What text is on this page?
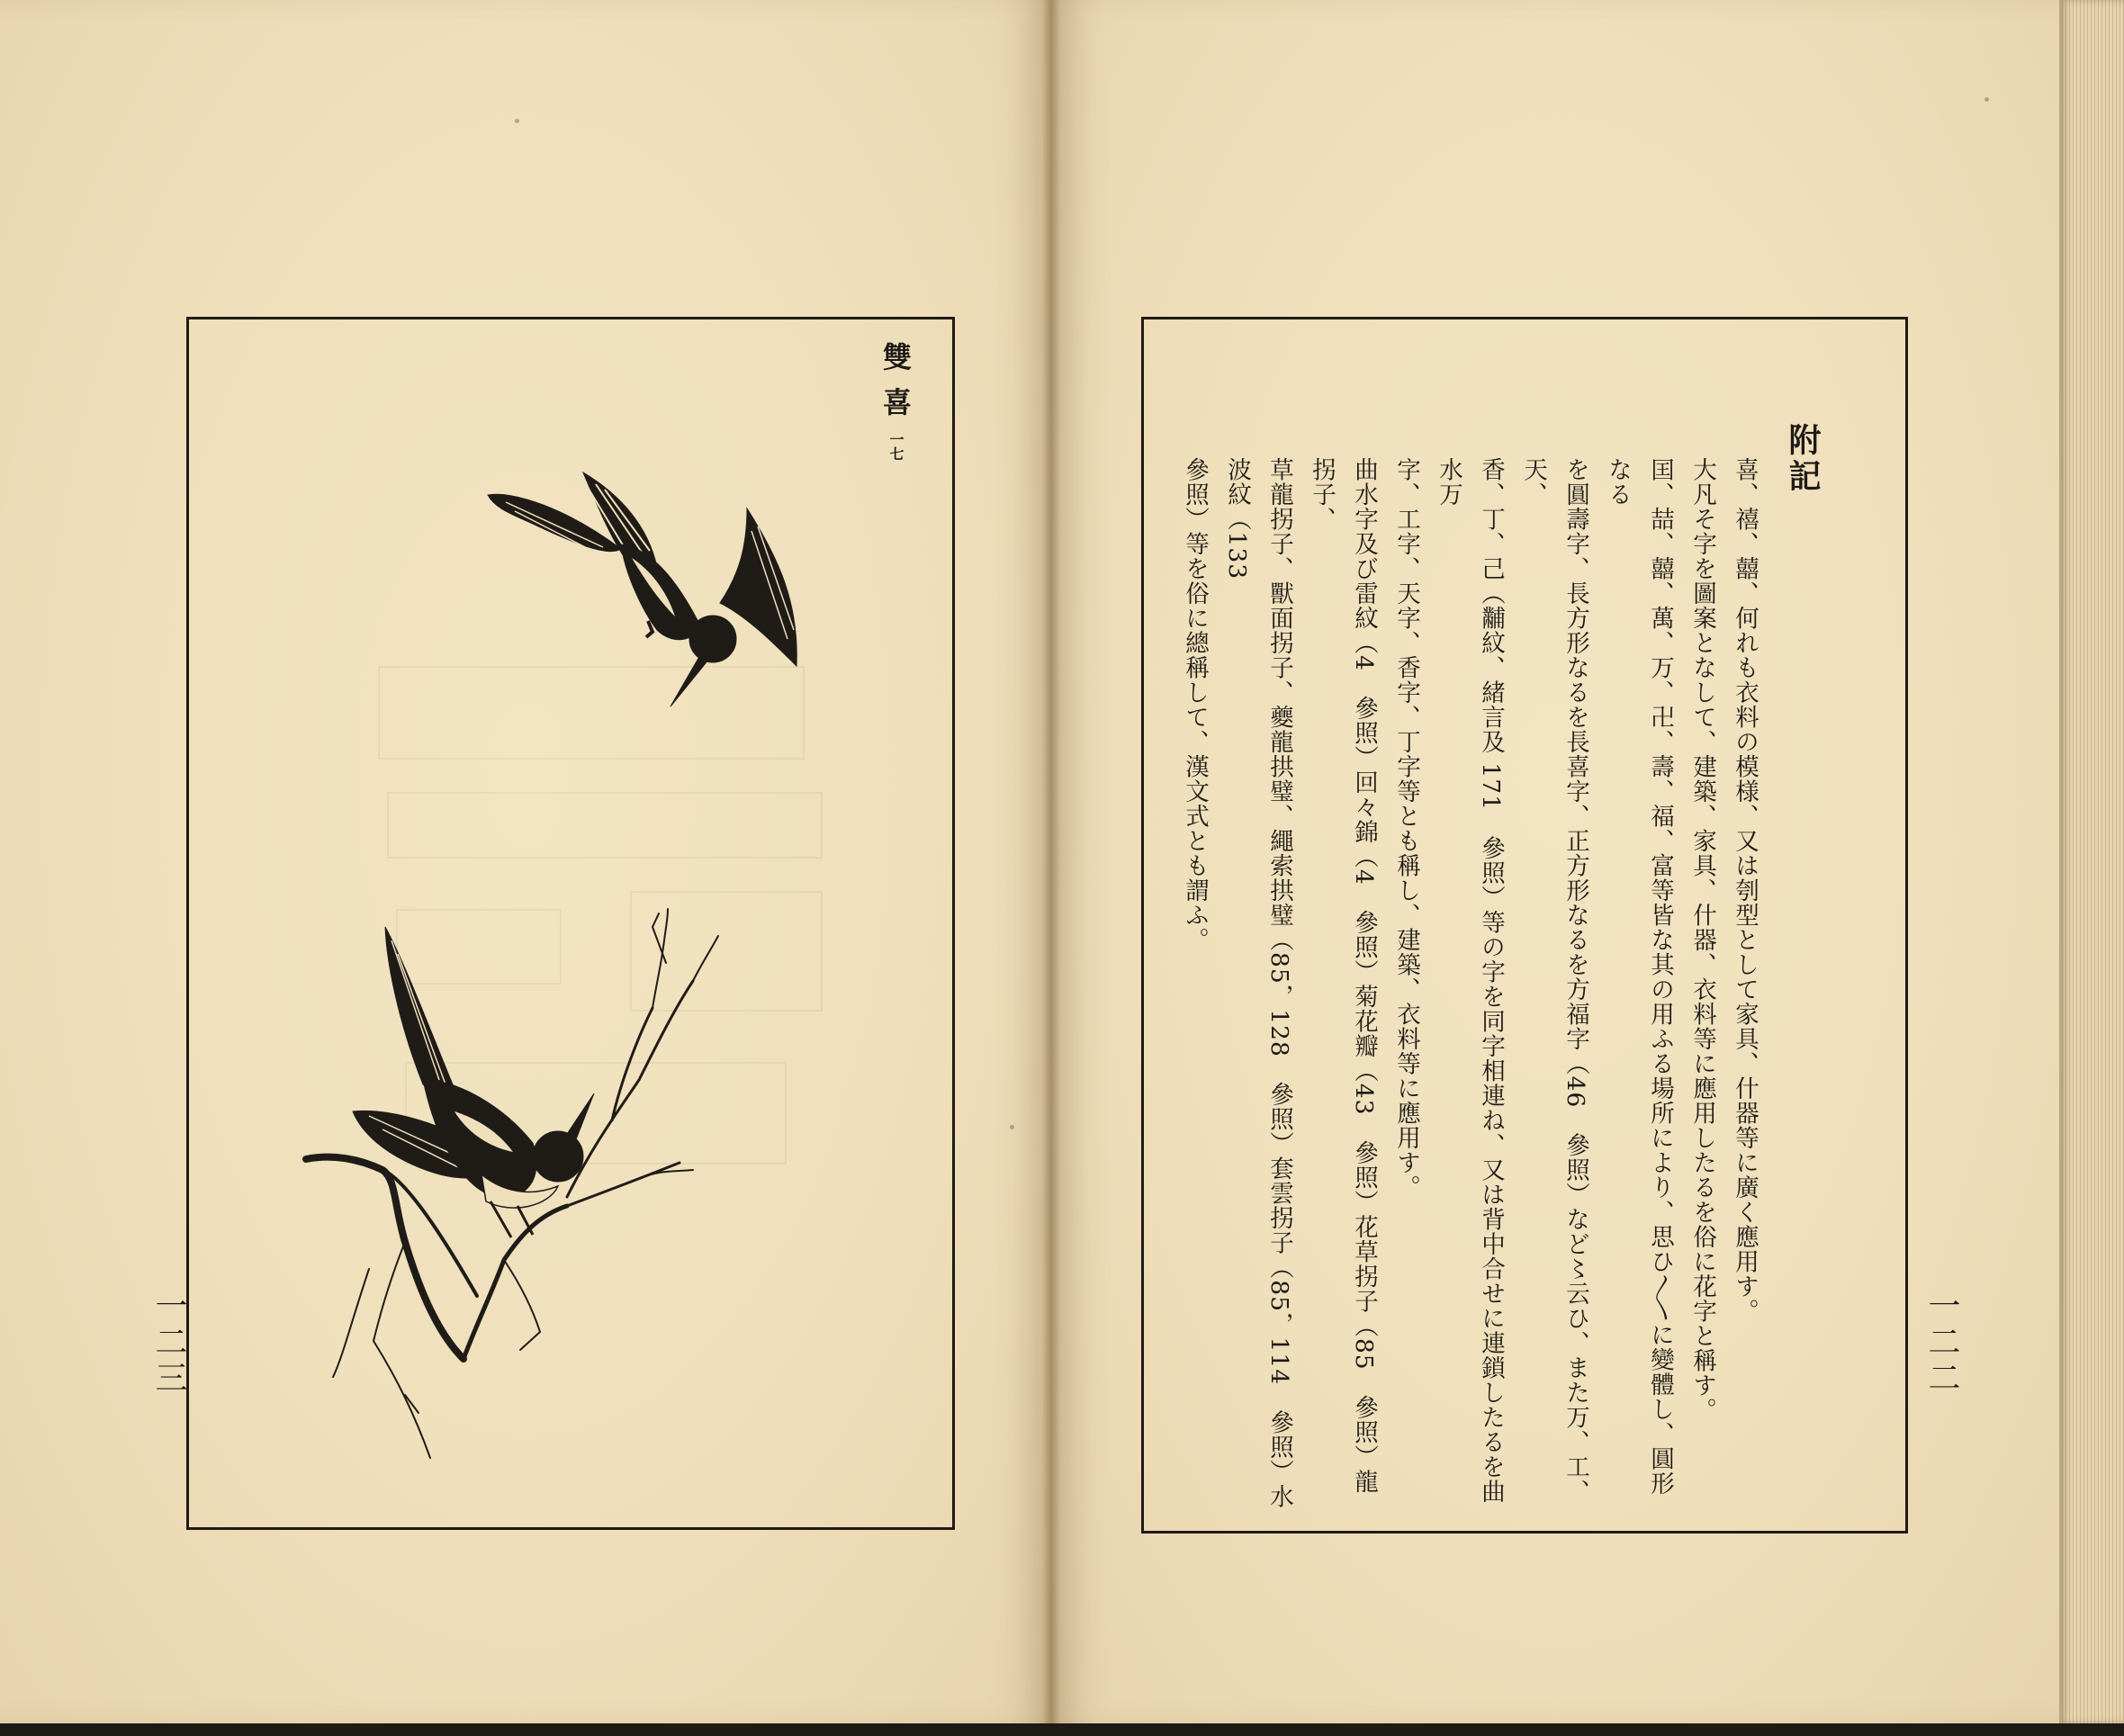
雙喜一七
一二三
附記

喜、禧、囍、何れも衣料の模様、又は刳型として家具、什器等に廣く應用す。

大凡そ字を圖案となして、建築、家具、什器、衣料等に應用したるを俗に花字と稱す。

囯、喆、囍、萬、万、卍、壽、福、富等皆な其の用ふる場所により、思ひ〳〵に變體し、圓形なる

を圓壽字、長方形なるを長喜字、正方形なるを方福字（46　參照）など〻云ひ、また万、工、天、

香、丁、己（黼紋、緒言及 171　參照）等の字を同字相連ね、又は背中合せに連鎖したるを曲水万

字、工字、天字、香字、丁字等とも稱し、建築、衣料等に應用す。

曲水字及び雷紋（4　參照）回々錦（4　參照）菊花瓣（43　參照）花草拐子（85　參照）龍拐子、

草龍拐子、獸面拐子、夔龍拱璧、繩索拱璧（85，128　參照）套雲拐子（85，114　參照）水波紋（133

參照）等を俗に總稱して、漢文式とも謂ふ。

一二二
